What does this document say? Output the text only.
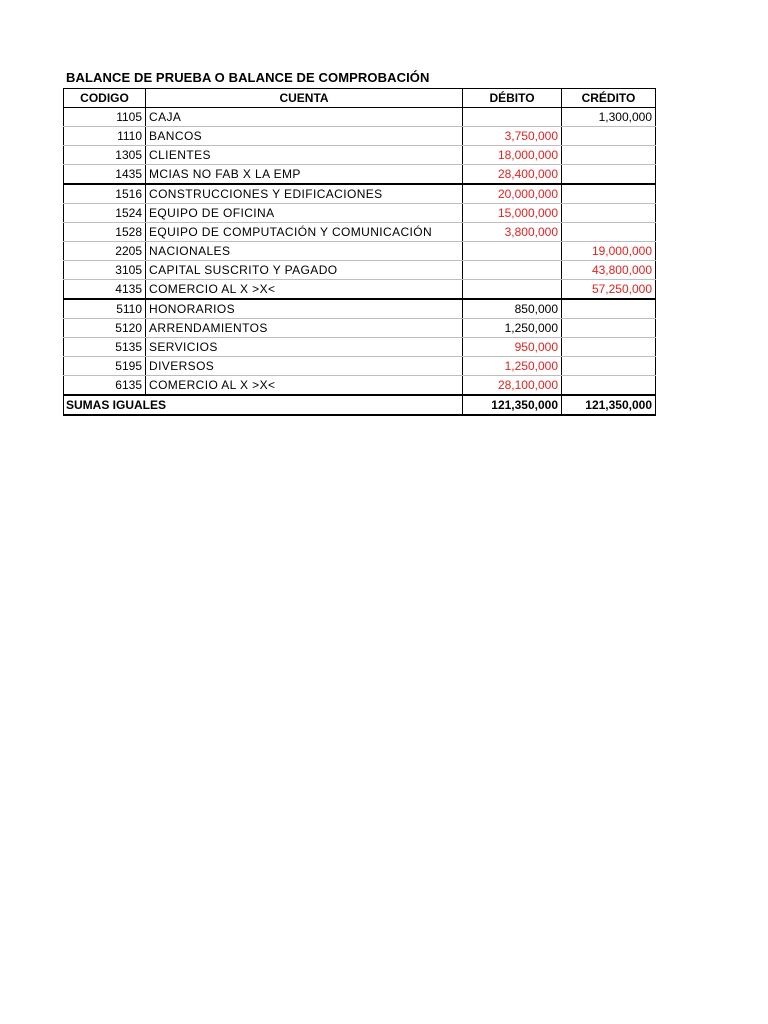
BALANCE DE PRUEBA O BALANCE DE COMPROBACIÓN
CODIGO	CUENTA	DÉBITO	CRÉDITO
1105	CAJA		1,300,000
1110	BANCOS	3,750,000	
1305	CLIENTES	18,000,000	
1435	MCIAS NO FAB X LA EMP	28,400,000	
1516	CONSTRUCCIONES Y EDIFICACIONES	20,000,000	
1524	EQUIPO DE OFICINA	15,000,000	
1528	EQUIPO DE COMPUTACIÓN Y COMUNICACIÓN	3,800,000	
2205	NACIONALES		19,000,000
3105	CAPITAL SUSCRITO Y PAGADO		43,800,000
4135	COMERCIO AL X >X<		57,250,000
5110	HONORARIOS	850,000	
5120	ARRENDAMIENTOS	1,250,000	
5135	SERVICIOS	950,000	
5195	DIVERSOS	1,250,000	
6135	COMERCIO AL X >X<	28,100,000	
SUMAS IGUALES		121,350,000	121,350,000
